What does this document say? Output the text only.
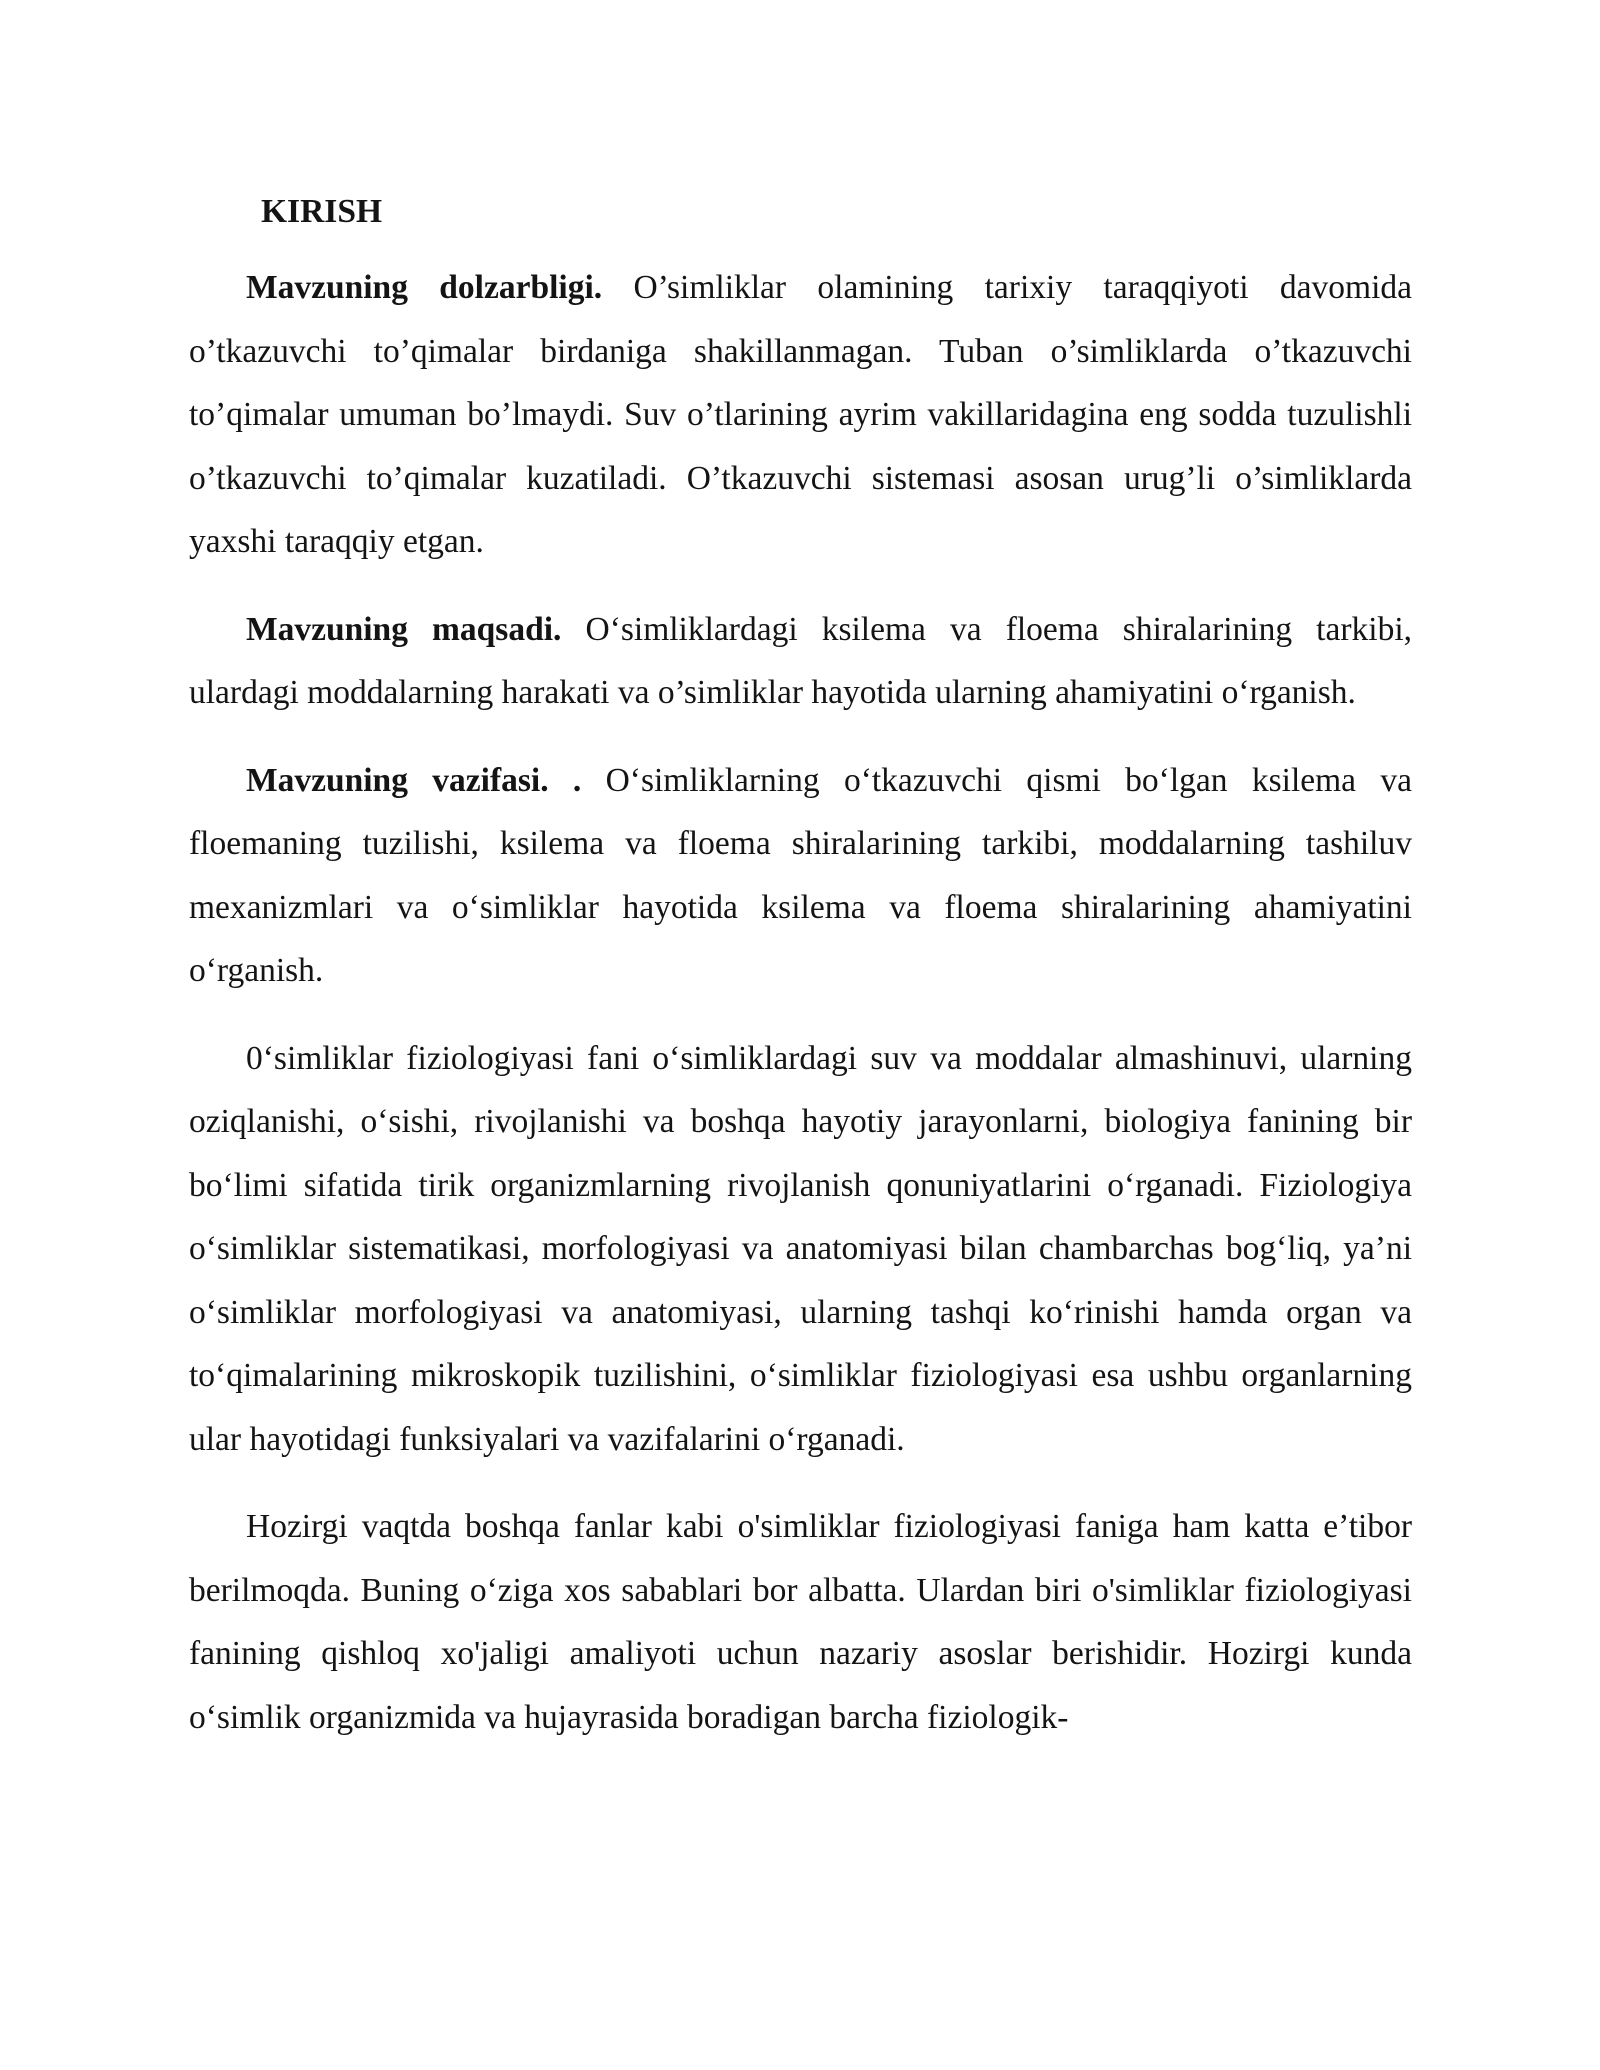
KIRISH

Mavzuning dolzarbligi. O’simliklar olamining tarixiy taraqqiyoti davomida o’tkazuvchi to’qimalar birdaniga shakillanmagan. Tuban o’simliklarda o’tkazuvchi to’qimalar umuman bo’lmaydi. Suv o’tlarining ayrim vakillaridagina eng sodda tuzulishli o’tkazuvchi to’qimalar kuzatiladi. O’tkazuvchi sistemasi asosan urug’li o’simliklarda yaxshi taraqqiy etgan.

Mavzuning maqsadi. O‘simliklardagi ksilema va floema shiralarining tarkibi, ulardagi moddalarning harakati va o’simliklar hayotida ularning ahamiyatini o‘rganish.

Mavzuning vazifasi. . O‘simliklarning o‘tkazuvchi qismi bo‘lgan ksilema va floemaning tuzilishi, ksilema va floema shiralarining tarkibi, moddalarning tashiluv mexanizmlari va o‘simliklar hayotida ksilema va floema shiralarining ahamiyatini o‘rganish.

0‘simliklar fiziologiyasi fani o‘simliklardagi suv va moddalar almashinuvi, ularning oziqlanishi, o‘sishi, rivojlanishi va boshqa hayotiy jarayonlarni, biologiya fanining bir bo‘limi sifatida tirik organizmlarning rivojlanish qonuniyatlarini o‘rganadi. Fiziologiya o‘simliklar sistematikasi, morfologiyasi va anatomiyasi bilan chambarchas bog‘liq, ya’ni o‘simliklar morfologiyasi va anatomiyasi, ularning tashqi ko‘rinishi hamda organ va to‘qimalarining mikroskopik tuzilishini, o‘simliklar fiziologiyasi esa ushbu organlarning ular hayotidagi funksiyalari va vazifalarini o‘rganadi.

Hozirgi vaqtda boshqa fanlar kabi o'simliklar fiziologiyasi faniga ham katta e’tibor berilmoqda. Buning o‘ziga xos sabablari bor albatta. Ulardan biri o'simliklar fiziologiyasi fanining qishloq xo'jaligi amaliyoti uchun nazariy asoslar berishidir. Hozirgi kunda o‘simlik organizmida va hujayrasida boradigan barcha fiziologik-
